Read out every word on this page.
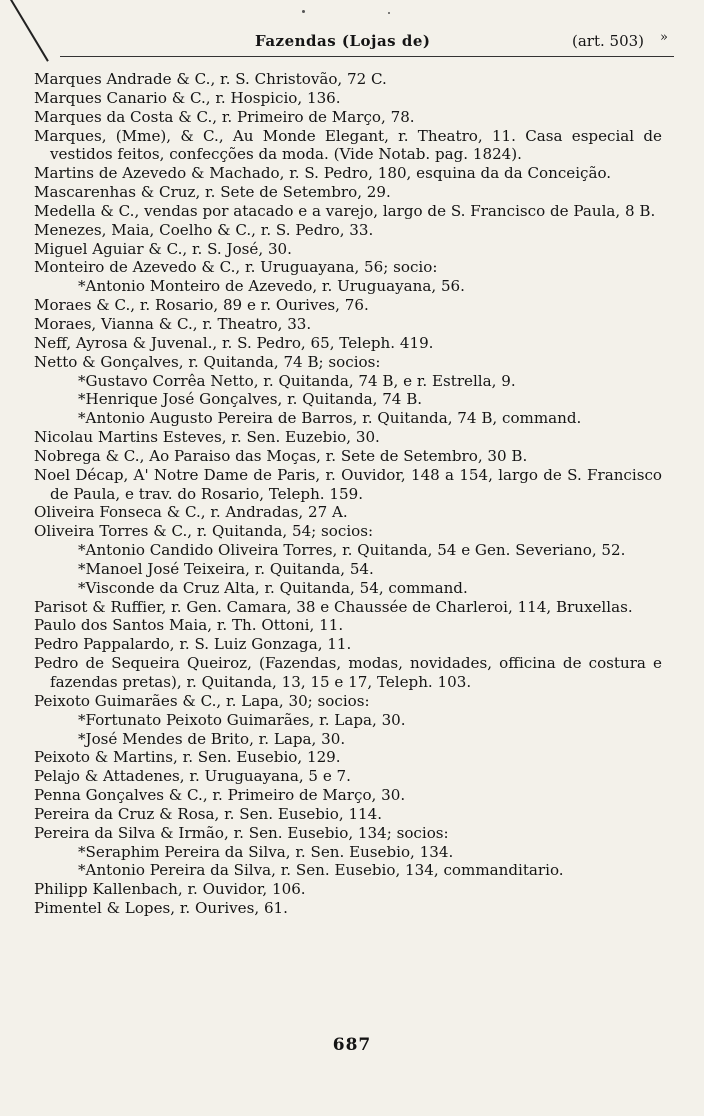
Fazendas (Lojas de)	(art. 503) »

Marques Andrade & C., r. S. Christovão, 72 C.

Marques Canario & C., r. Hospicio, 136.

Marques da Costa & C., r. Primeiro de Março, 78.

Marques, (Mme), & C., Au Monde Elegant, r. Theatro, 11. Casa especial de vestidos feitos, confecções da moda. (Vide Notab. pag. 1824).

Martins de Azevedo & Machado, r. S. Pedro, 180, esquina da da Conceição.

Mascarenhas & Cruz, r. Sete de Setembro, 29.

Medella & C., vendas por atacado e a varejo, largo de S. Francisco de Paula, 8 B.

Menezes, Maia, Coelho & C., r. S. Pedro, 33.

Miguel Aguiar & C., r. S. José, 30.

Monteiro de Azevedo & C., r. Uruguayana, 56; socio:

*Antonio Monteiro de Azevedo, r. Uruguayana, 56.

Moraes & C., r. Rosario, 89 e r. Ourives, 76.

Moraes, Vianna & C., r. Theatro, 33.

Neff, Ayrosa & Juvenal., r. S. Pedro, 65, Teleph. 419.

Netto & Gonçalves, r. Quitanda, 74 B; socios:

*Gustavo Corrêa Netto, r. Quitanda, 74 B, e r. Estrella, 9.

*Henrique José Gonçalves, r. Quitanda, 74 B.

*Antonio Augusto Pereira de Barros, r. Quitanda, 74 B, command.

Nicolau Martins Esteves, r. Sen. Euzebio, 30.

Nobrega & C., Ao Paraiso das Moças, r. Sete de Setembro, 30 B.

Noel Décap, A' Notre Dame de Paris, r. Ouvidor, 148 a 154, largo de S. Francisco de Paula, e trav. do Rosario, Teleph. 159.

Oliveira Fonseca & C., r. Andradas, 27 A.

Oliveira Torres & C., r. Quitanda, 54; socios:

*Antonio Candido Oliveira Torres, r. Quitanda, 54 e Gen. Severiano, 52.

*Manoel José Teixeira, r. Quitanda, 54.

*Visconde da Cruz Alta, r. Quitanda, 54, command.

Parisot & Ruffier, r. Gen. Camara, 38 e Chaussée de Charleroi, 114, Bruxellas.

Paulo dos Santos Maia, r. Th. Ottoni, 11.

Pedro Pappalardo, r. S. Luiz Gonzaga, 11.

Pedro de Sequeira Queiroz, (Fazendas, modas, novidades, officina de costura e fazendas pretas), r. Quitanda, 13, 15 e 17, Teleph. 103.

Peixoto Guimarães & C., r. Lapa, 30; socios:

*Fortunato Peixoto Guimarães, r. Lapa, 30.

*José Mendes de Brito, r. Lapa, 30.

Peixoto & Martins, r. Sen. Eusebio, 129.

Pelajo & Attadenes, r. Uruguayana, 5 e 7.

Penna Gonçalves & C., r. Primeiro de Março, 30.

Pereira da Cruz & Rosa, r. Sen. Eusebio, 114.

Pereira da Silva & Irmão, r. Sen. Eusebio, 134; socios:

*Seraphim Pereira da Silva, r. Sen. Eusebio, 134.

*Antonio Pereira da Silva, r. Sen. Eusebio, 134, commanditario.

Philipp Kallenbach, r. Ouvidor, 106.

Pimentel & Lopes, r. Ourives, 61.

687
